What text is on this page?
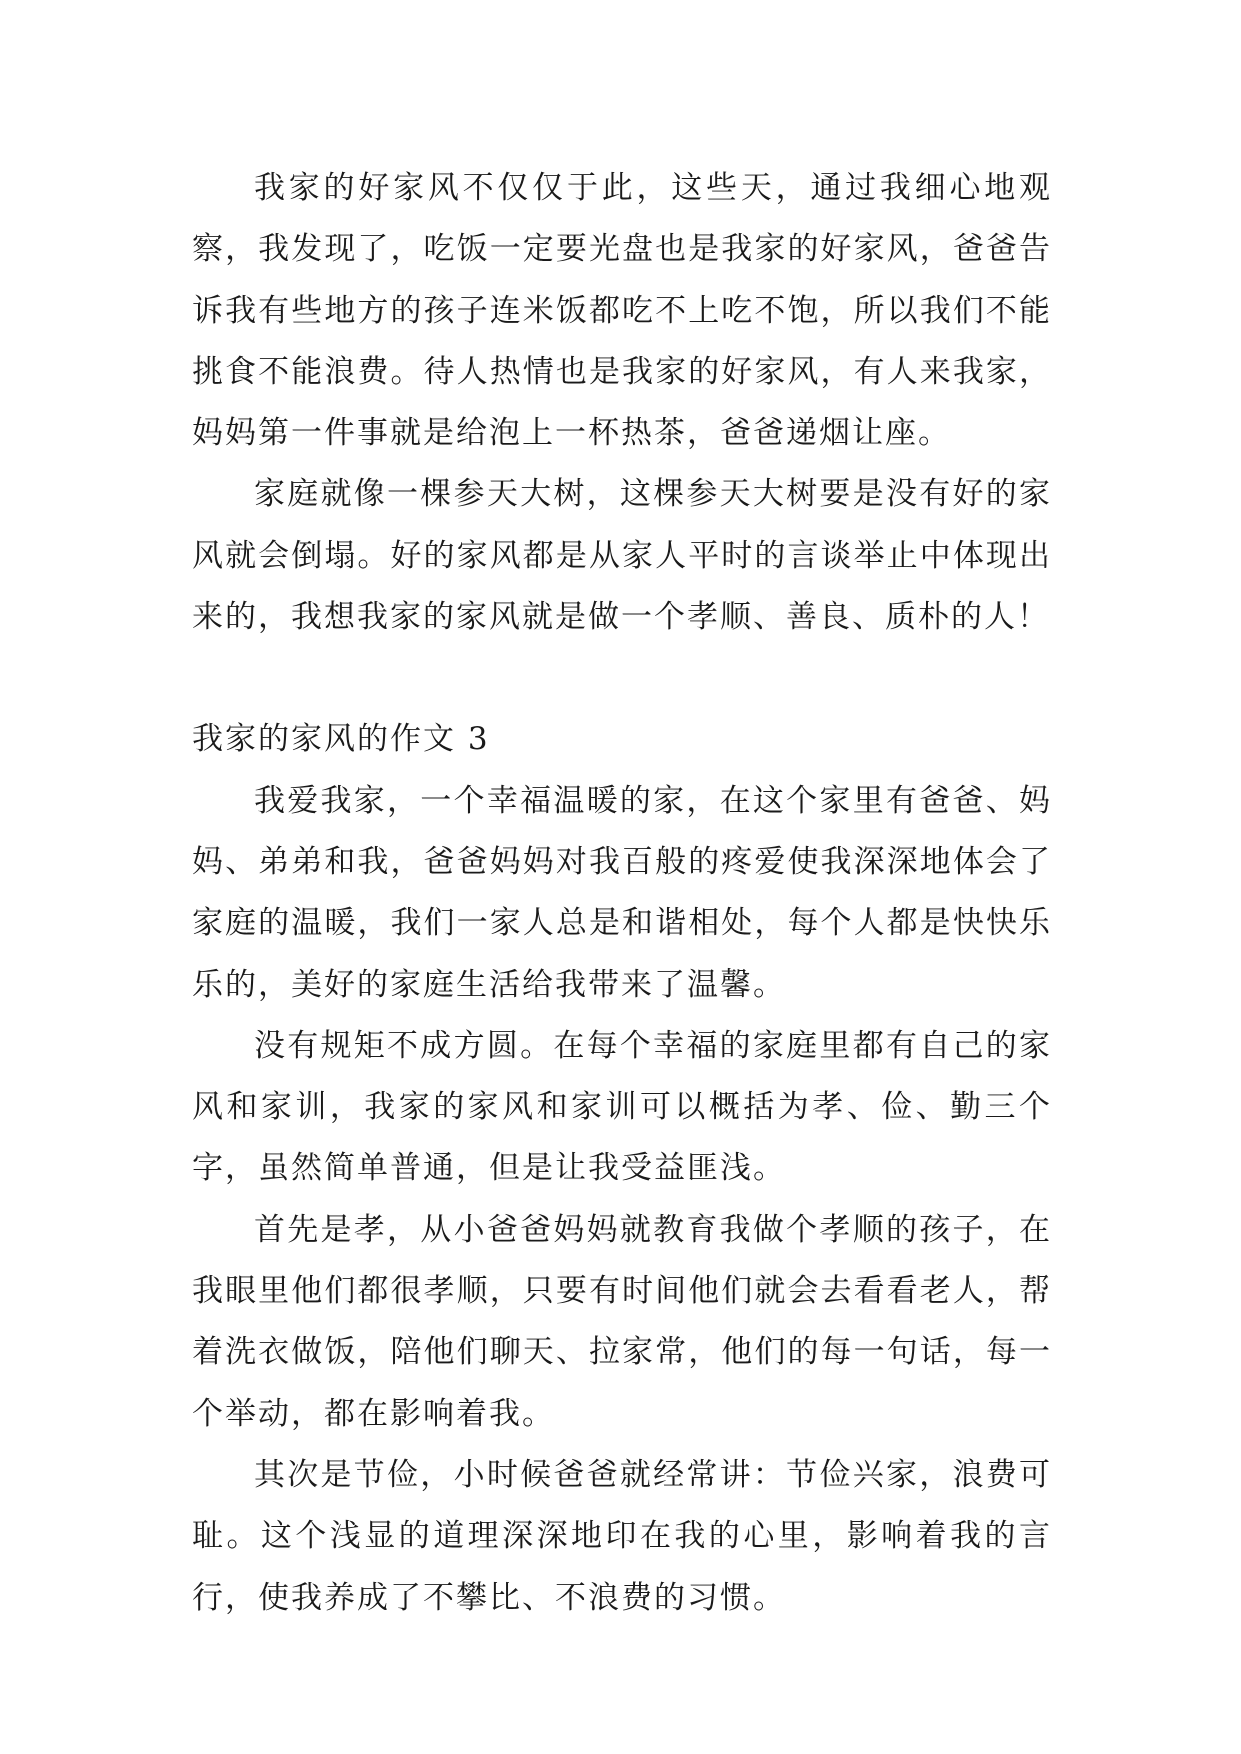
我家的好家风不仅仅于此，这些天，通过我细心地观察，我发现了，吃饭一定要光盘也是我家的好家风，爸爸告诉我有些地方的孩子连米饭都吃不上吃不饱，所以我们不能挑食不能浪费。待人热情也是我家的好家风，有人来我家，妈妈第一件事就是给泡上一杯热茶，爸爸递烟让座。

家庭就像一棵参天大树，这棵参天大树要是没有好的家风就会倒塌。好的家风都是从家人平时的言谈举止中体现出来的，我想我家的家风就是做一个孝顺、善良、质朴的人！

我家的家风的作文 3

我爱我家，一个幸福温暖的家，在这个家里有爸爸、妈妈、弟弟和我，爸爸妈妈对我百般的疼爱使我深深地体会了家庭的温暖，我们一家人总是和谐相处，每个人都是快快乐乐的，美好的家庭生活给我带来了温馨。

没有规矩不成方圆。在每个幸福的家庭里都有自己的家风和家训，我家的家风和家训可以概括为孝、俭、勤三个字，虽然简单普通，但是让我受益匪浅。

首先是孝，从小爸爸妈妈就教育我做个孝顺的孩子，在我眼里他们都很孝顺，只要有时间他们就会去看看老人，帮着洗衣做饭，陪他们聊天、拉家常，他们的每一句话，每一个举动，都在影响着我。

其次是节俭，小时候爸爸就经常讲：节俭兴家，浪费可耻。这个浅显的道理深深地印在我的心里，影响着我的言行，使我养成了不攀比、不浪费的习惯。
